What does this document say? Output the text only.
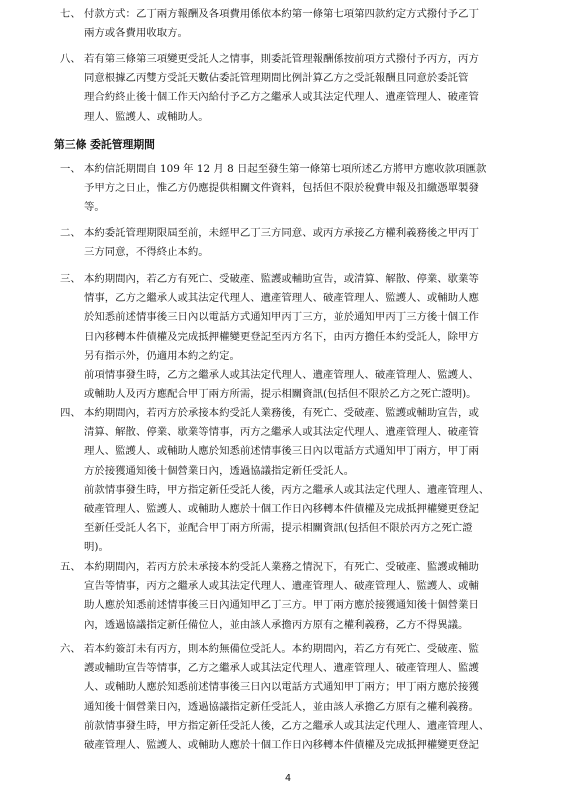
七、 付款方式：乙丁兩方報酬及各項費用係依本約第一條第七項第四款約定方式撥付予乙丁
兩方或各費用收取方。
八、 若有第三條第三項變更受託人之情事，則委託管理報酬係按前項方式撥付予丙方，丙方
同意根據乙丙雙方受託天數佔委託管理期間比例計算乙方之受託報酬且同意於委託管
理合約終止後十個工作天內給付予乙方之繼承人或其法定代理人、遺產管理人、破產管
理人、監護人、或輔助人。
第三條 委託管理期間
一、 本約信託期間自 109 年 12 月 8 日起至發生第一條第七項所述乙方將甲方應收款項匯款
予甲方之日止，惟乙方仍應提供相關文件資料，包括但不限於稅費申報及扣繳憑單製發
等。
二、 本約委託管理期限屆至前，未經甲乙丁三方同意、或丙方承接乙方權利義務後之甲丙丁
三方同意，不得終止本約。
三、 本約期間內，若乙方有死亡、受破產、監護或輔助宣告，或清算、解散、停業、歇業等
情事，乙方之繼承人或其法定代理人、遺產管理人、破產管理人、監護人、或輔助人應
於知悉前述情事後三日內以電話方式通知甲丙丁三方，並於通知甲丙丁三方後十個工作
日內移轉本件債權及完成抵押權變更登記至丙方名下，由丙方擔任本約受託人，除甲方
另有指示外，仍適用本約之約定。
前項情事發生時，乙方之繼承人或其法定代理人、遺產管理人、破產管理人、監護人、
或輔助人及丙方應配合甲丁兩方所需，提示相關資訊(包括但不限於乙方之死亡證明)。
四、 本約期間內，若丙方於承接本約受託人業務後，有死亡、受破產、監護或輔助宣告，或
清算、解散、停業、歇業等情事，丙方之繼承人或其法定代理人、遺產管理人、破產管
理人、監護人、或輔助人應於知悉前述情事後三日內以電話方式通知甲丁兩方，甲丁兩
方於接獲通知後十個營業日內，透過協議指定新任受託人。
前款情事發生時，甲方指定新任受託人後，丙方之繼承人或其法定代理人、遺產管理人、
破產管理人、監護人、或輔助人應於十個工作日內移轉本件債權及完成抵押權變更登記
至新任受託人名下，並配合甲丁兩方所需，提示相關資訊(包括但不限於丙方之死亡證
明)。
五、 本約期間內，若丙方於未承接本約受託人業務之情況下，有死亡、受破產、監護或輔助
宣告等情事，丙方之繼承人或其法定代理人、遺產管理人、破產管理人、監護人、或輔
助人應於知悉前述情事後三日內通知甲乙丁三方。甲丁兩方應於接獲通知後十個營業日
內，透過協議指定新任備位人，並由該人承擔丙方原有之權利義務，乙方不得異議。
六、 若本約簽訂未有丙方，則本約無備位受託人。本約期間內，若乙方有死亡、受破產、監
護或輔助宣告等情事，乙方之繼承人或其法定代理人、遺產管理人、破產管理人、監護
人、或輔助人應於知悉前述情事後三日內以電話方式通知甲丁兩方；甲丁兩方應於接獲
通知後十個營業日內，透過協議指定新任受託人，並由該人承擔乙方原有之權利義務。
前款情事發生時，甲方指定新任受託人後，乙方之繼承人或其法定代理人、遺產管理人、
破產管理人、監護人、或輔助人應於十個工作日內移轉本件債權及完成抵押權變更登記
4
